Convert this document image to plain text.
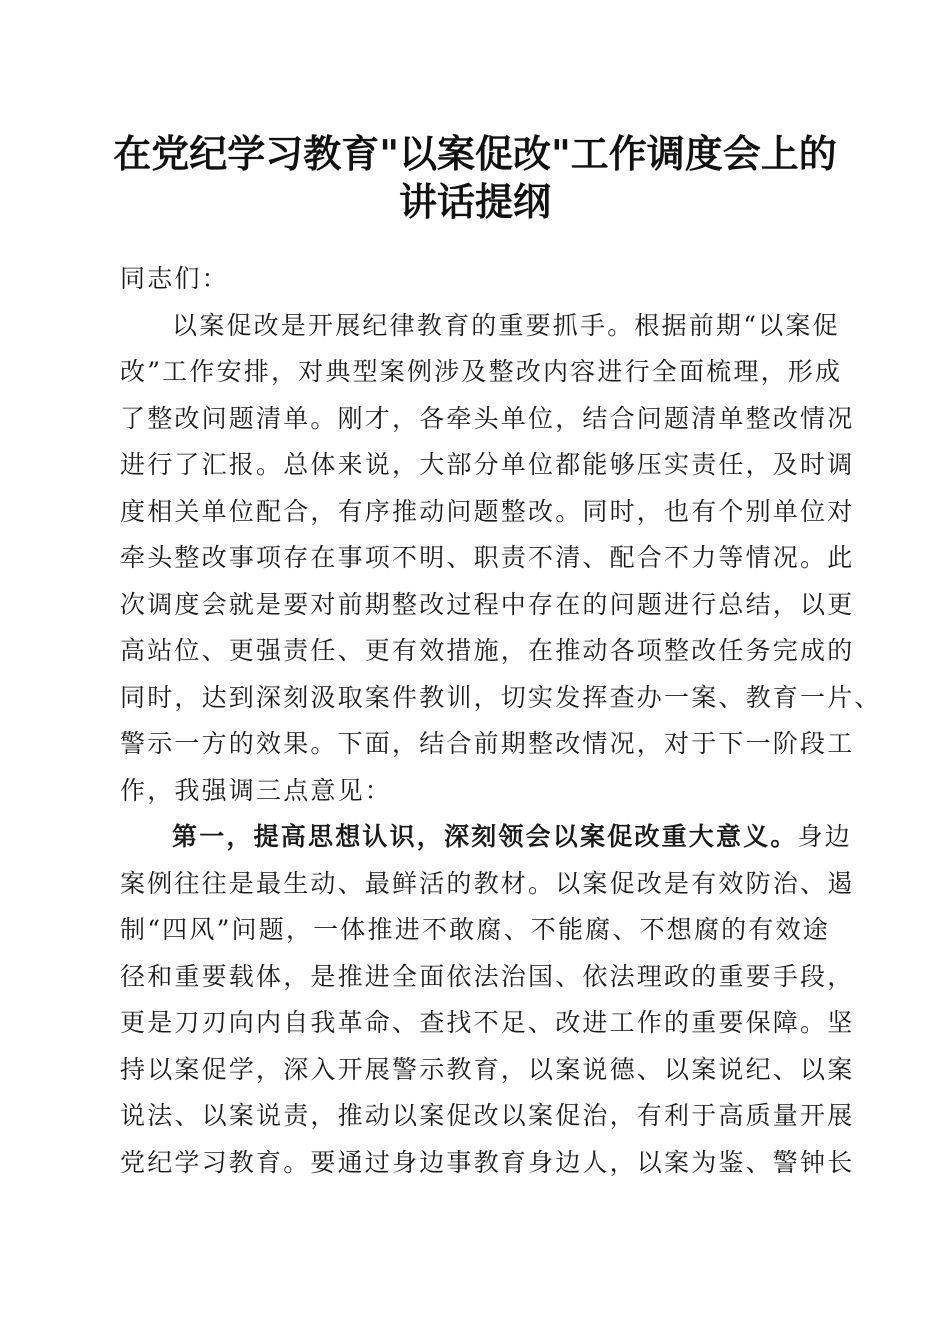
在党纪学习教育"以案促改"工作调度会上的
讲话提纲
同志们：
以案促改是开展纪律教育的重要抓手。根据前期“以案促
改”工作安排，对典型案例涉及整改内容进行全面梳理，形成
了整改问题清单。刚才，各牵头单位，结合问题清单整改情况
进行了汇报。总体来说，大部分单位都能够压实责任，及时调
度相关单位配合，有序推动问题整改。同时，也有个别单位对
牵头整改事项存在事项不明、职责不清、配合不力等情况。此
次调度会就是要对前期整改过程中存在的问题进行总结，以更
高站位、更强责任、更有效措施，在推动各项整改任务完成的
同时，达到深刻汲取案件教训，切实发挥查办一案、教育一片、
警示一方的效果。下面，结合前期整改情况，对于下一阶段工
作，我强调三点意见：
第一，提高思想认识，深刻领会以案促改重大意义。身边
案例往往是最生动、最鲜活的教材。以案促改是有效防治、遏
制“四风”问题，一体推进不敢腐、不能腐、不想腐的有效途
径和重要载体，是推进全面依法治国、依法理政的重要手段，
更是刀刃向内自我革命、查找不足、改进工作的重要保障。坚
持以案促学，深入开展警示教育，以案说德、以案说纪、以案
说法、以案说责，推动以案促改以案促治，有利于高质量开展
党纪学习教育。要通过身边事教育身边人，以案为鉴、警钟长
